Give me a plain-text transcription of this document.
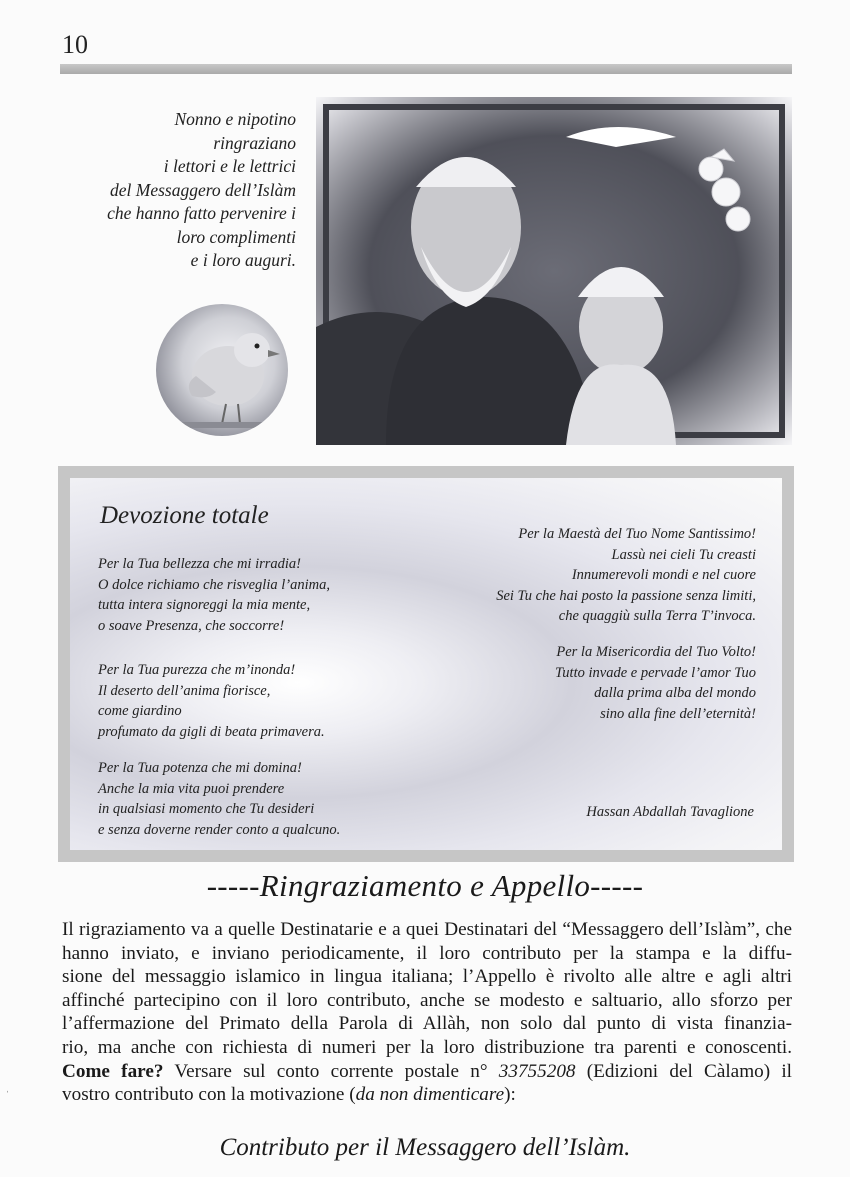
10
Nonno e nipotino
ringraziano
i lettori e le lettrici
del Messaggero dell’Islàm
che hanno fatto pervenire i
loro complimenti
e i loro auguri.
Devozione totale
Per la Tua bellezza che mi irradia!
O dolce richiamo che risveglia l’anima,
tutta intera signoreggi la mia mente,
o soave Presenza, che soccorre!
Per la Tua purezza che m’inonda!
Il deserto dell’anima fiorisce,
come giardino
profumato da gigli di beata primavera.
Per la Tua potenza che mi domina!
Anche la mia vita puoi prendere
in qualsiasi momento che Tu desideri
e senza doverne render conto a qualcuno.
Per la Maestà del Tuo Nome Santissimo!
Lassù nei cieli Tu creasti
Innumerevoli mondi e nel cuore
Sei Tu che hai posto la passione senza limiti,
che quaggiù sulla Terra T’invoca.
Per la Misericordia del Tuo Volto!
Tutto invade e pervade l’amor Tuo
dalla prima alba del mondo
sino alla fine dell’eternità!
Hassan Abdallah Tavaglione
-----Ringraziamento e Appello-----
Il rigraziamento va a quelle Destinatarie e a quei Destinatari del “Messaggero dell’Islàm”, che
hanno inviato, e inviano periodicamente, il loro contributo per la stampa e la diffu-
sione del messaggio islamico in lingua italiana; l’Appello è rivolto alle altre e agli altri
affinché partecipino con il loro contributo, anche se modesto e saltuario, allo sforzo per
l’affermazione del Primato della Parola di Allàh, non solo dal punto di vista finanzia-
rio, ma anche con richiesta di numeri per la loro distribuzione tra parenti e conoscenti.
Come fare? Versare sul conto corrente postale n° 33755208 (Edizioni del Càlamo) il
vostro contributo con la motivazione (da non dimenticare):
Contributo per il Messaggero dell’Islàm.
ˈ
